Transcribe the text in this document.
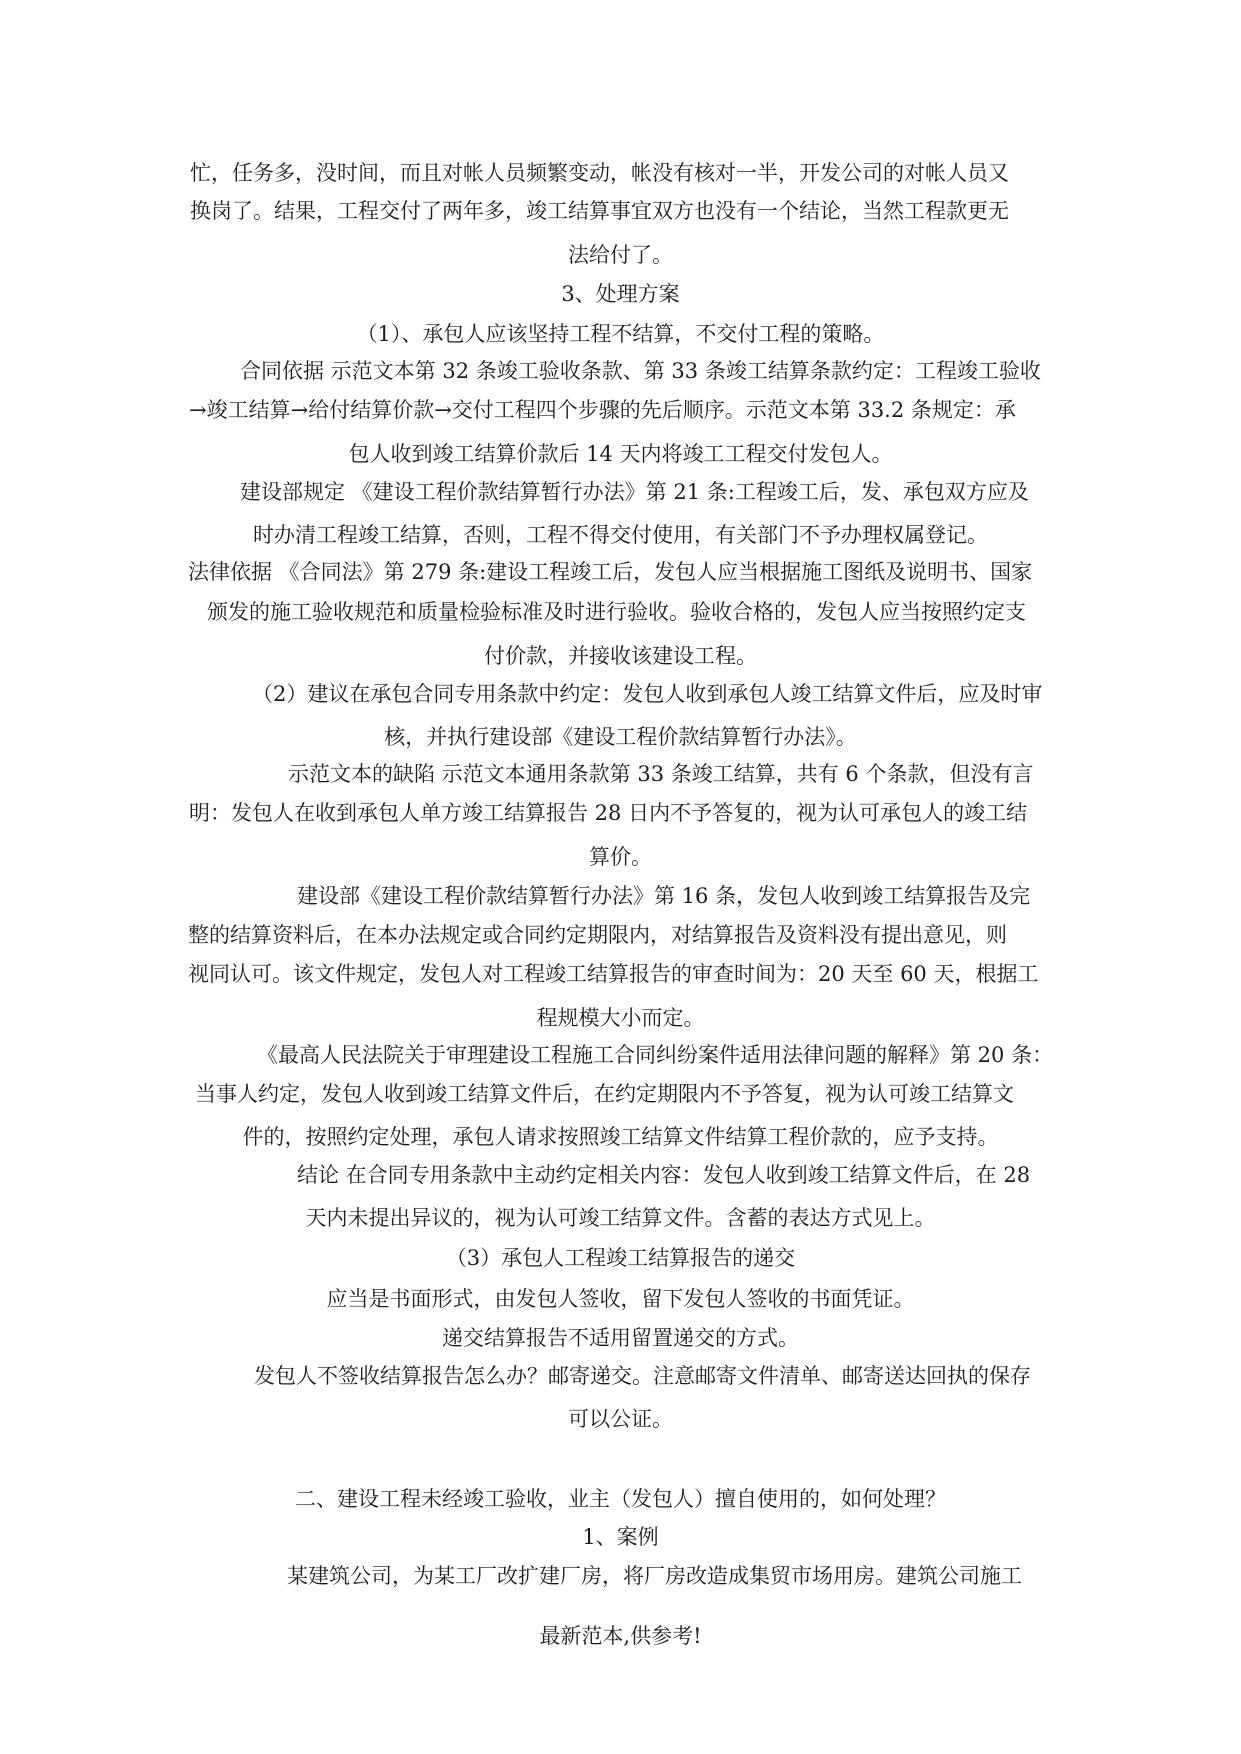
忙，任务多，没时间，而且对帐人员频繁变动，帐没有核对一半，开发公司的对帐人员又
换岗了。结果，工程交付了两年多，竣工结算事宜双方也没有一个结论，当然工程款更无
法给付了。
3、处理方案
（1）、承包人应该坚持工程不结算，不交付工程的策略。
合同依据 示范文本第 32 条竣工验收条款、第 33 条竣工结算条款约定：工程竣工验收
→竣工结算→给付结算价款→交付工程四个步骤的先后顺序。示范文本第 33.2 条规定：承
包人收到竣工结算价款后 14 天内将竣工工程交付发包人。
建设部规定 《建设工程价款结算暂行办法》第 21 条:工程竣工后，发、承包双方应及
时办清工程竣工结算，否则，工程不得交付使用，有关部门不予办理权属登记。
法律依据 《合同法》第 279 条:建设工程竣工后，发包人应当根据施工图纸及说明书、国家
颁发的施工验收规范和质量检验标准及时进行验收。验收合格的，发包人应当按照约定支
付价款，并接收该建设工程。
（2）建议在承包合同专用条款中约定：发包人收到承包人竣工结算文件后，应及时审
核，并执行建设部《建设工程价款结算暂行办法》。
示范文本的缺陷 示范文本通用条款第 33 条竣工结算，共有 6 个条款，但没有言
明：发包人在收到承包人单方竣工结算报告 28 日内不予答复的，视为认可承包人的竣工结
算价。
建设部《建设工程价款结算暂行办法》第 16 条，发包人收到竣工结算报告及完
整的结算资料后，在本办法规定或合同约定期限内，对结算报告及资料没有提出意见，则
视同认可。该文件规定，发包人对工程竣工结算报告的审查时间为：20 天至 60 天，根据工
程规模大小而定。
《最高人民法院关于审理建设工程施工合同纠纷案件适用法律问题的解释》第 20 条：
当事人约定，发包人收到竣工结算文件后，在约定期限内不予答复，视为认可竣工结算文
件的，按照约定处理，承包人请求按照竣工结算文件结算工程价款的，应予支持。
结论 在合同专用条款中主动约定相关内容：发包人收到竣工结算文件后，在 28
天内未提出异议的，视为认可竣工结算文件。含蓄的表达方式见上。
（3）承包人工程竣工结算报告的递交
应当是书面形式，由发包人签收，留下发包人签收的书面凭证。
递交结算报告不适用留置递交的方式。
发包人不签收结算报告怎么办？邮寄递交。注意邮寄文件清单、邮寄送达回执的保存
可以公证。
二、建设工程未经竣工验收，业主（发包人）擅自使用的，如何处理？
1、案例
某建筑公司，为某工厂改扩建厂房，将厂房改造成集贸市场用房。建筑公司施工
最新范本,供参考!
